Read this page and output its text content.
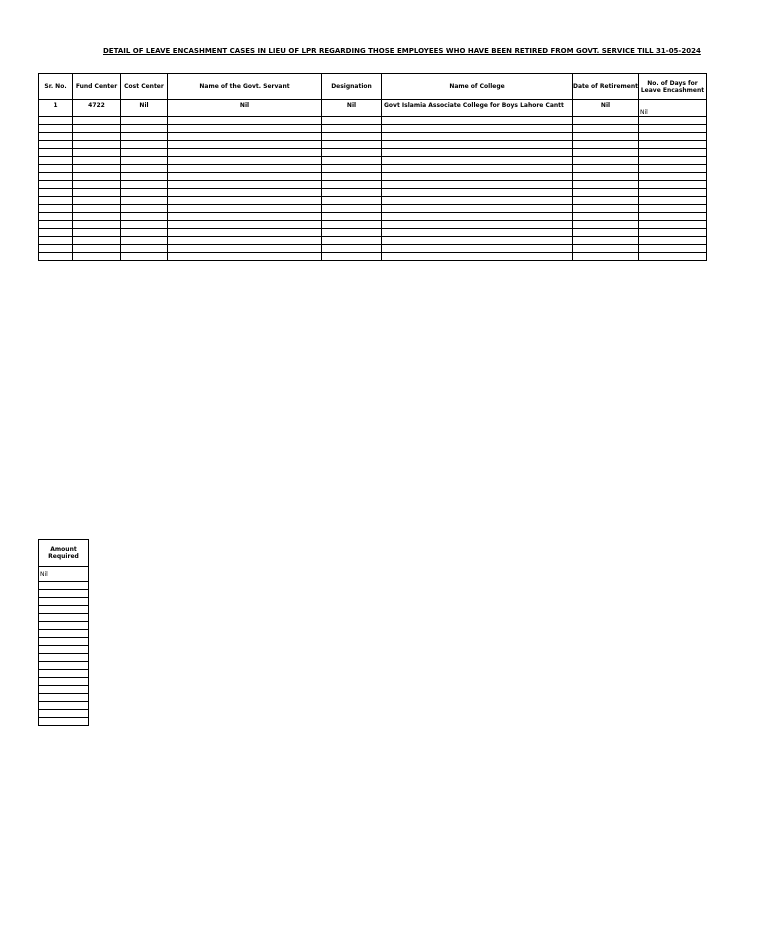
DETAIL OF LEAVE ENCASHMENT CASES IN LIEU OF LPR REGARDING THOSE EMPLOYEES WHO HAVE BEEN RETIRED FROM GOVT. SERVICE TILL 31-05-2024
Sr. No.	Fund Center	Cost Center	Name of the Govt. Servant	Designation	Name of College	Date of Retirement	No. of Days for Leave Encashment
1	4722	Nil	Nil	Nil	Govt Islamia Associate College for Boys Lahore Cantt	Nil	Nil

Amount Required
Nil
